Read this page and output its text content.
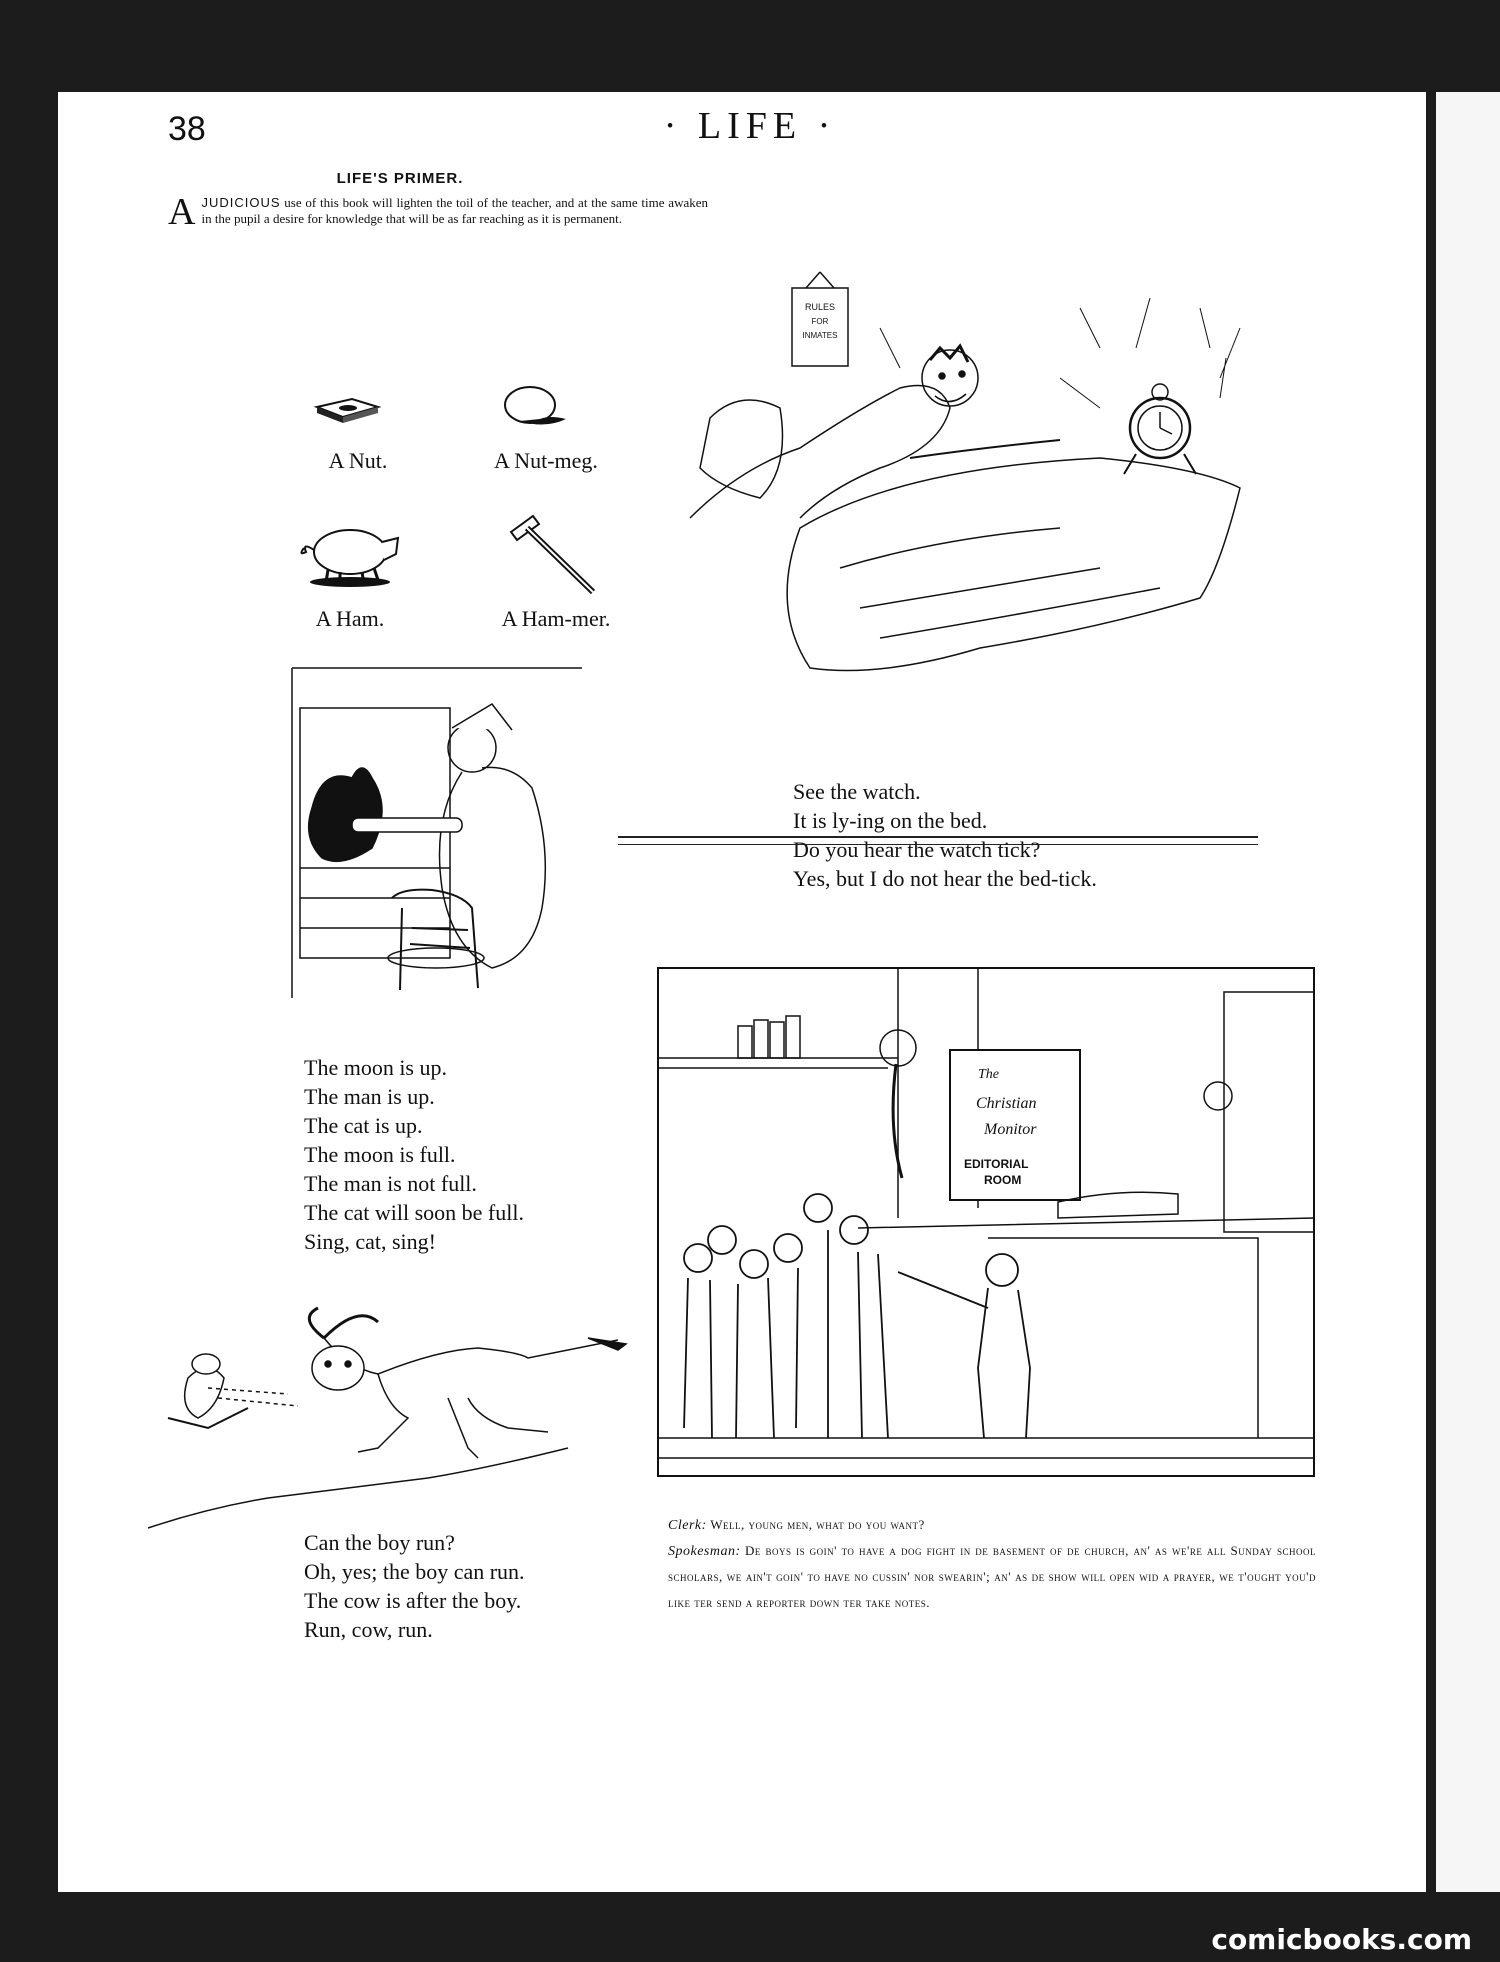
38	· LIFE ·
LIFE'S PRIMER.
AJUDICIOUS use of this book will lighten the toil of the teacher, and at the same time awaken in the pupil a desire for knowledge that will be as far reaching as it is permanent.
A Nut.	A Nut-meg.
A Ham.	A Ham-mer.
RULES
FOR
INMATES
See the watch.
It is ly-ing on the bed.
Do you hear the watch tick?
Yes, but I do not hear the bed-tick.
The moon is up.
The man is up.
The cat is up.
The moon is full.
The man is not full.
The cat will soon be full.
Sing, cat, sing!
Can the boy run?
Oh, yes; the boy can run.
The cow is after the boy.
Run, cow, run.
The
Christian
Monitor
EDITORIAL
ROOM
Clerk: Well, young men, what do you want?
Spokesman: De boys is goin' to have a dog fight in de basement of de church, an' as we're all Sunday school scholars, we ain't goin' to have no cussin' nor swearin'; an' as de show will open wid a prayer, we t'ought you'd like ter send a reporter down ter take notes.
comicbooks.com
